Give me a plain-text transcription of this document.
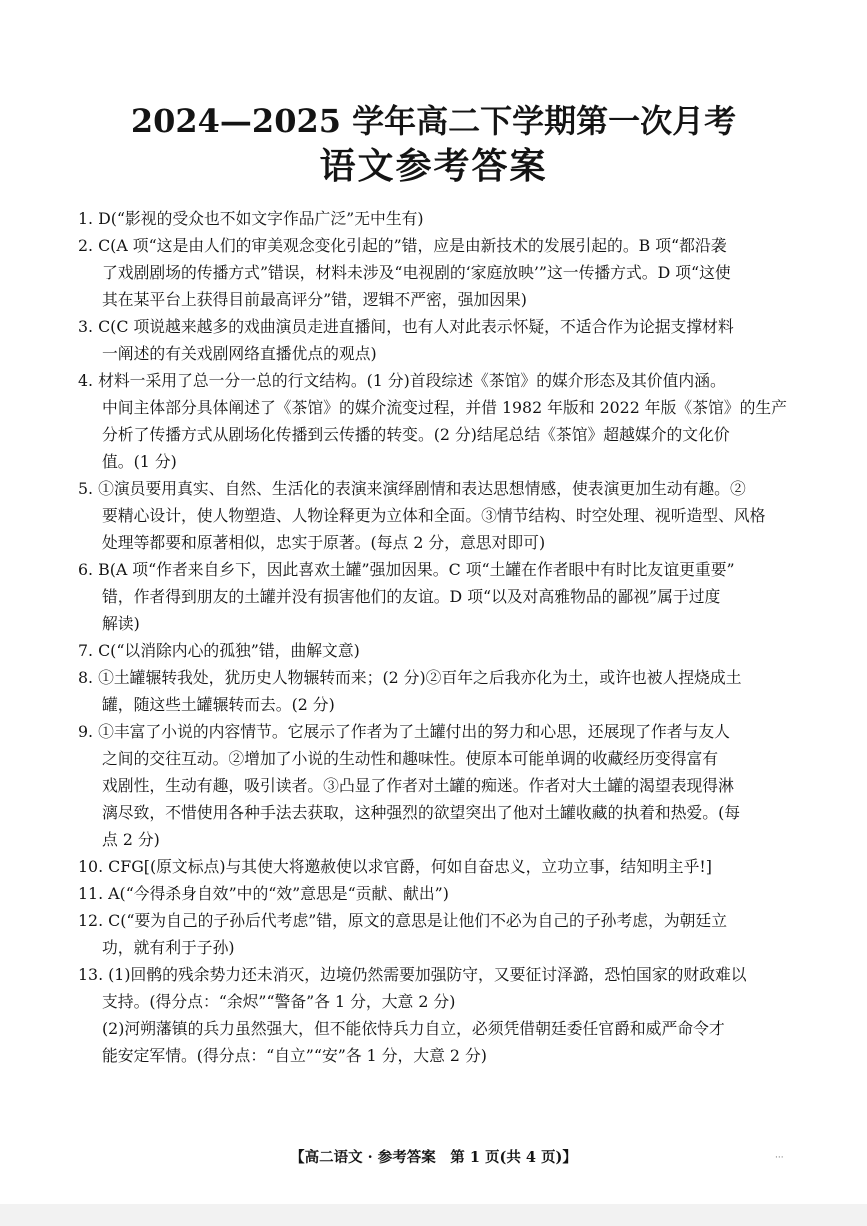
2024—2025 学年高二下学期第一次月考
语文参考答案
1. D(“影视的受众也不如文字作品广泛”无中生有)
2. C(A 项“这是由人们的审美观念变化引起的”错，应是由新技术的发展引起的。B 项“都沿袭
了戏剧剧场的传播方式”错误，材料未涉及“电视剧的‘家庭放映’”这一传播方式。D 项“这使
其在某平台上获得目前最高评分”错，逻辑不严密，强加因果)
3. C(C 项说越来越多的戏曲演员走进直播间，也有人对此表示怀疑，不适合作为论据支撑材料
一阐述的有关戏剧网络直播优点的观点)
4. 材料一采用了总一分一总的行文结构。(1 分)首段综述《茶馆》的媒介形态及其价值内涵。
中间主体部分具体阐述了《茶馆》的媒介流变过程，并借 1982 年版和 2022 年版《茶馆》的生产
分析了传播方式从剧场化传播到云传播的转变。(2 分)结尾总结《茶馆》超越媒介的文化价
值。(1 分)
5. ①演员要用真实、自然、生活化的表演来演绎剧情和表达思想情感，使表演更加生动有趣。②
要精心设计，使人物塑造、人物诠释更为立体和全面。③情节结构、时空处理、视听造型、风格
处理等都要和原著相似，忠实于原著。(每点 2 分，意思对即可)
6. B(A 项“作者来自乡下，因此喜欢土罐”强加因果。C 项“土罐在作者眼中有时比友谊更重要”
错，作者得到朋友的土罐并没有损害他们的友谊。D 项“以及对高雅物品的鄙视”属于过度
解读)
7. C(“以消除内心的孤独”错，曲解文意)
8. ①土罐辗转我处，犹历史人物辗转而来；(2 分)②百年之后我亦化为土，或许也被人捏烧成土
罐，随这些土罐辗转而去。(2 分)
9. ①丰富了小说的内容情节。它展示了作者为了土罐付出的努力和心思，还展现了作者与友人
之间的交往互动。②增加了小说的生动性和趣味性。使原本可能单调的收藏经历变得富有
戏剧性，生动有趣，吸引读者。③凸显了作者对土罐的痴迷。作者对大土罐的渴望表现得淋
漓尽致，不惜使用各种手法去获取，这种强烈的欲望突出了他对土罐收藏的执着和热爱。(每
点 2 分)
10. CFG[(原文标点)与其使大将邀赦使以求官爵，何如自奋忠义，立功立事，结知明主乎!]
11. A(“今得杀身自效”中的“效”意思是“贡献、献出”)
12. C(“要为自己的子孙后代考虑”错，原文的意思是让他们不必为自己的子孙考虑，为朝廷立
功，就有利于子孙)
13. (1)回鹘的残余势力还未消灭，边境仍然需要加强防守，又要征讨泽潞，恐怕国家的财政难以
支持。(得分点：“余烬”“警备”各 1 分，大意 2 分)
(2)河朔藩镇的兵力虽然强大，但不能依恃兵力自立，必须凭借朝廷委任官爵和威严命令才
能安定军情。(得分点：“自立”“安”各 1 分，大意 2 分)
【高二语文 · 参考答案　第 1 页(共 4 页)】	···
